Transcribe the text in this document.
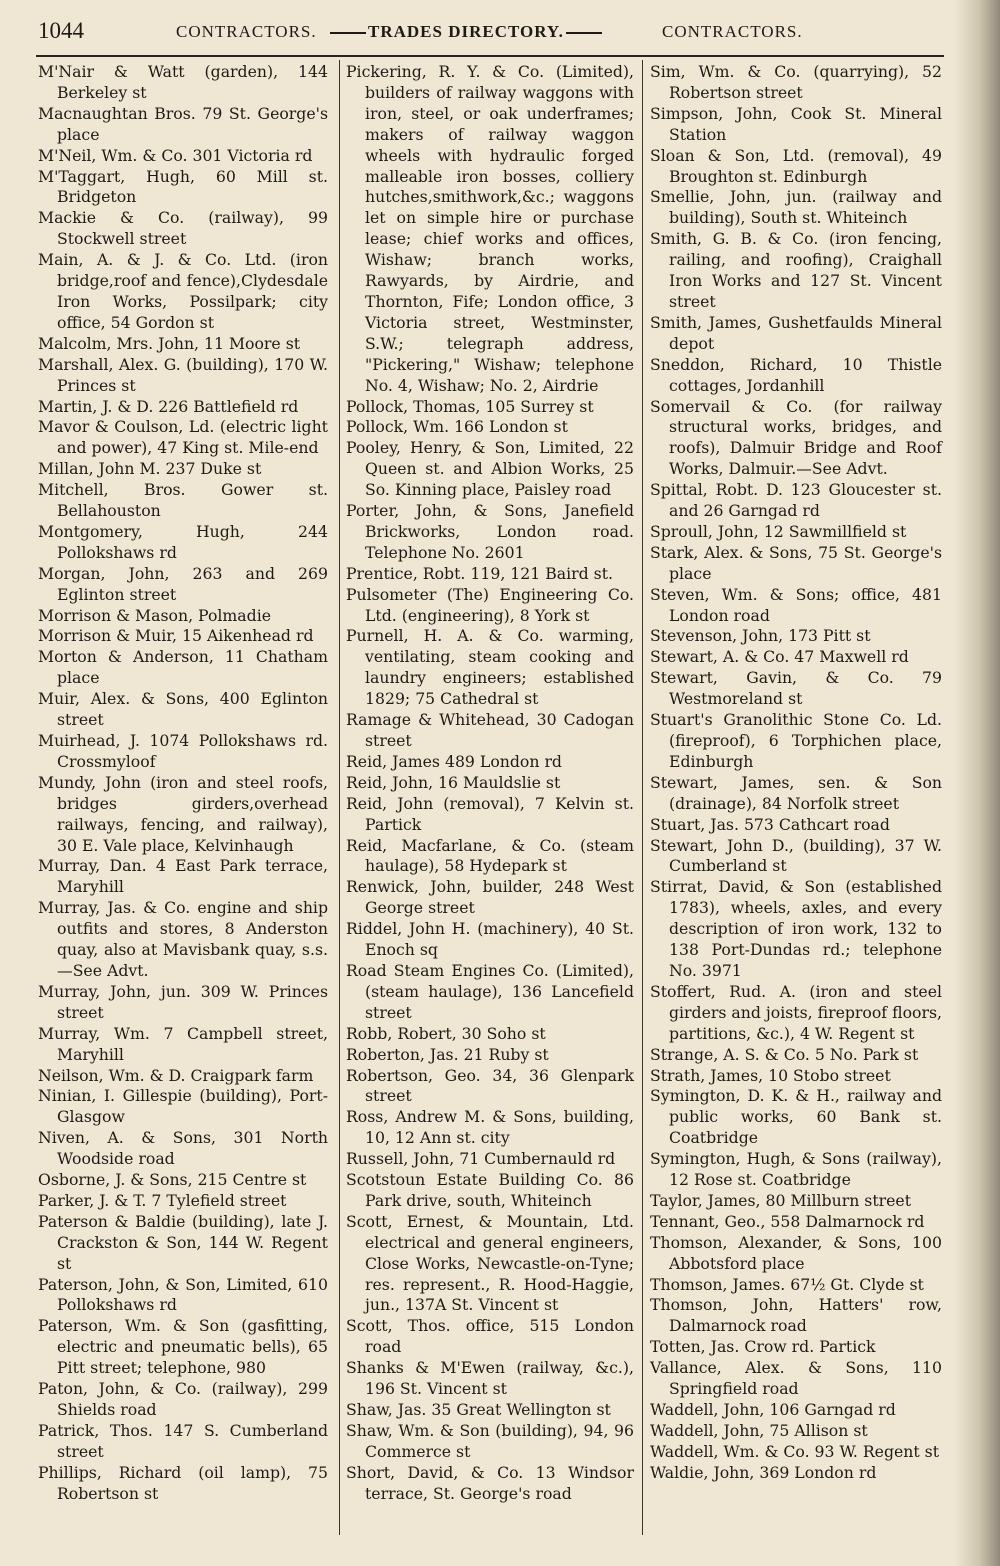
1044	CONTRACTORS.	TRADES DIRECTORY.	CONTRACTORS.

M'Nair & Watt (garden), 144 Berkeley st

Macnaughtan Bros. 79 St. George's place

M'Neil, Wm. & Co. 301 Victoria rd

M'Taggart, Hugh, 60 Mill st. Bridgeton

Mackie & Co. (railway), 99 Stockwell street

Main, A. & J. & Co. Ltd. (iron bridge,roof and fence),Clydesdale Iron Works, Possilpark; city office, 54 Gordon st

Malcolm, Mrs. John, 11 Moore st

Marshall, Alex. G. (building), 170 W. Princes st

Martin, J. & D. 226 Battlefield rd

Mavor & Coulson, Ld. (electric light and power), 47 King st. Mile-end

Millan, John M. 237 Duke st

Mitchell, Bros. Gower st. Bellahouston

Montgomery, Hugh, 244 Pollokshaws rd

Morgan, John, 263 and 269 Eglinton street

Morrison & Mason, Polmadie

Morrison & Muir, 15 Aikenhead rd

Morton & Anderson, 11 Chatham place

Muir, Alex. & Sons, 400 Eglinton street

Muirhead, J. 1074 Pollokshaws rd. Crossmyloof

Mundy, John (iron and steel roofs, bridges girders,overhead railways, fencing, and railway), 30 E. Vale place, Kelvinhaugh

Murray, Dan. 4 East Park terrace, Maryhill

Murray, Jas. & Co. engine and ship outfits and stores, 8 Anderston quay, also at Mavisbank quay, s.s.—See Advt.

Murray, John, jun. 309 W. Princes street

Murray, Wm. 7 Campbell street, Maryhill

Neilson, Wm. & D. Craigpark farm

Ninian, I. Gillespie (building), Port-Glasgow

Niven, A. & Sons, 301 North Woodside road

Osborne, J. & Sons, 215 Centre st

Parker, J. & T. 7 Tylefield street

Paterson & Baldie (building), late J. Crackston & Son, 144 W. Regent st

Paterson, John, & Son, Limited, 610 Pollokshaws rd

Paterson, Wm. & Son (gasfitting, electric and pneumatic bells), 65 Pitt street; telephone, 980

Paton, John, & Co. (railway), 299 Shields road

Patrick, Thos. 147 S. Cumberland street

Phillips, Richard (oil lamp), 75 Robertson st

Pickering, R. Y. & Co. (Limited), builders of railway waggons with iron, steel, or oak underframes; makers of railway waggon wheels with hydraulic forged malleable iron bosses, colliery hutches,smithwork,&c.; waggons let on simple hire or purchase lease; chief works and offices, Wishaw; branch works, Rawyards, by Airdrie, and Thornton, Fife; London office, 3 Victoria street, Westminster, S.W.; telegraph address, "Pickering," Wishaw; telephone No. 4, Wishaw; No. 2, Airdrie

Pollock, Thomas, 105 Surrey st

Pollock, Wm. 166 London st

Pooley, Henry, & Son, Limited, 22 Queen st. and Albion Works, 25 So. Kinning place, Paisley road

Porter, John, & Sons, Janefield Brickworks, London road. Telephone No. 2601

Prentice, Robt. 119, 121 Baird st.

Pulsometer (The) Engineering Co. Ltd. (engineering), 8 York st

Purnell, H. A. & Co. warming, ventilating, steam cooking and laundry engineers; established 1829; 75 Cathedral st

Ramage & Whitehead, 30 Cadogan street

Reid, James 489 London rd

Reid, John, 16 Mauldslie st

Reid, John (removal), 7 Kelvin st. Partick

Reid, Macfarlane, & Co. (steam haulage), 58 Hydepark st

Renwick, John, builder, 248 West George street

Riddel, John H. (machinery), 40 St. Enoch sq

Road Steam Engines Co. (Limited), (steam haulage), 136 Lancefield street

Robb, Robert, 30 Soho st

Roberton, Jas. 21 Ruby st

Robertson, Geo. 34, 36 Glenpark street

Ross, Andrew M. & Sons, building, 10, 12 Ann st. city

Russell, John, 71 Cumbernauld rd

Scotstoun Estate Building Co. 86 Park drive, south, Whiteinch

Scott, Ernest, & Mountain, Ltd. electrical and general engineers, Close Works, Newcastle-on-Tyne; res. represent., R. Hood-Haggie, jun., 137A St. Vincent st

Scott, Thos. office, 515 London road

Shanks & M'Ewen (railway, &c.), 196 St. Vincent st

Shaw, Jas. 35 Great Wellington st

Shaw, Wm. & Son (building), 94, 96 Commerce st

Short, David, & Co. 13 Windsor terrace, St. George's road

Sim, Wm. & Co. (quarrying), 52 Robertson street

Simpson, John, Cook St. Mineral Station

Sloan & Son, Ltd. (removal), 49 Broughton st. Edinburgh

Smellie, John, jun. (railway and building), South st. Whiteinch

Smith, G. B. & Co. (iron fencing, railing, and roofing), Craighall Iron Works and 127 St. Vincent street

Smith, James, Gushetfaulds Mineral depot

Sneddon, Richard, 10 Thistle cottages, Jordanhill

Somervail & Co. (for railway structural works, bridges, and roofs), Dalmuir Bridge and Roof Works, Dalmuir.—See Advt.

Spittal, Robt. D. 123 Gloucester st. and 26 Garngad rd

Sproull, John, 12 Sawmillfield st

Stark, Alex. & Sons, 75 St. George's place

Steven, Wm. & Sons; office, 481 London road

Stevenson, John, 173 Pitt st

Stewart, A. & Co. 47 Maxwell rd

Stewart, Gavin, & Co. 79 Westmoreland st

Stuart's Granolithic Stone Co. Ld. (fireproof), 6 Torphichen place, Edinburgh

Stewart, James, sen. & Son (drainage), 84 Norfolk street

Stuart, Jas. 573 Cathcart road

Stewart, John D., (building), 37 W. Cumberland st

Stirrat, David, & Son (established 1783), wheels, axles, and every description of iron work, 132 to 138 Port-Dundas rd.; telephone No. 3971

Stoffert, Rud. A. (iron and steel girders and joists, fireproof floors, partitions, &c.), 4 W. Regent st

Strange, A. S. & Co. 5 No. Park st

Strath, James, 10 Stobo street

Symington, D. K. & H., railway and public works, 60 Bank st. Coatbridge

Symington, Hugh, & Sons (railway), 12 Rose st. Coatbridge

Taylor, James, 80 Millburn street

Tennant, Geo., 558 Dalmarnock rd

Thomson, Alexander, & Sons, 100 Abbotsford place

Thomson, James. 67½ Gt. Clyde st

Thomson, John, Hatters' row, Dalmarnock road

Totten, Jas. Crow rd. Partick

Vallance, Alex. & Sons, 110 Springfield road

Waddell, John, 106 Garngad rd

Waddell, John, 75 Allison st

Waddell, Wm. & Co. 93 W. Regent st

Waldie, John, 369 London rd
